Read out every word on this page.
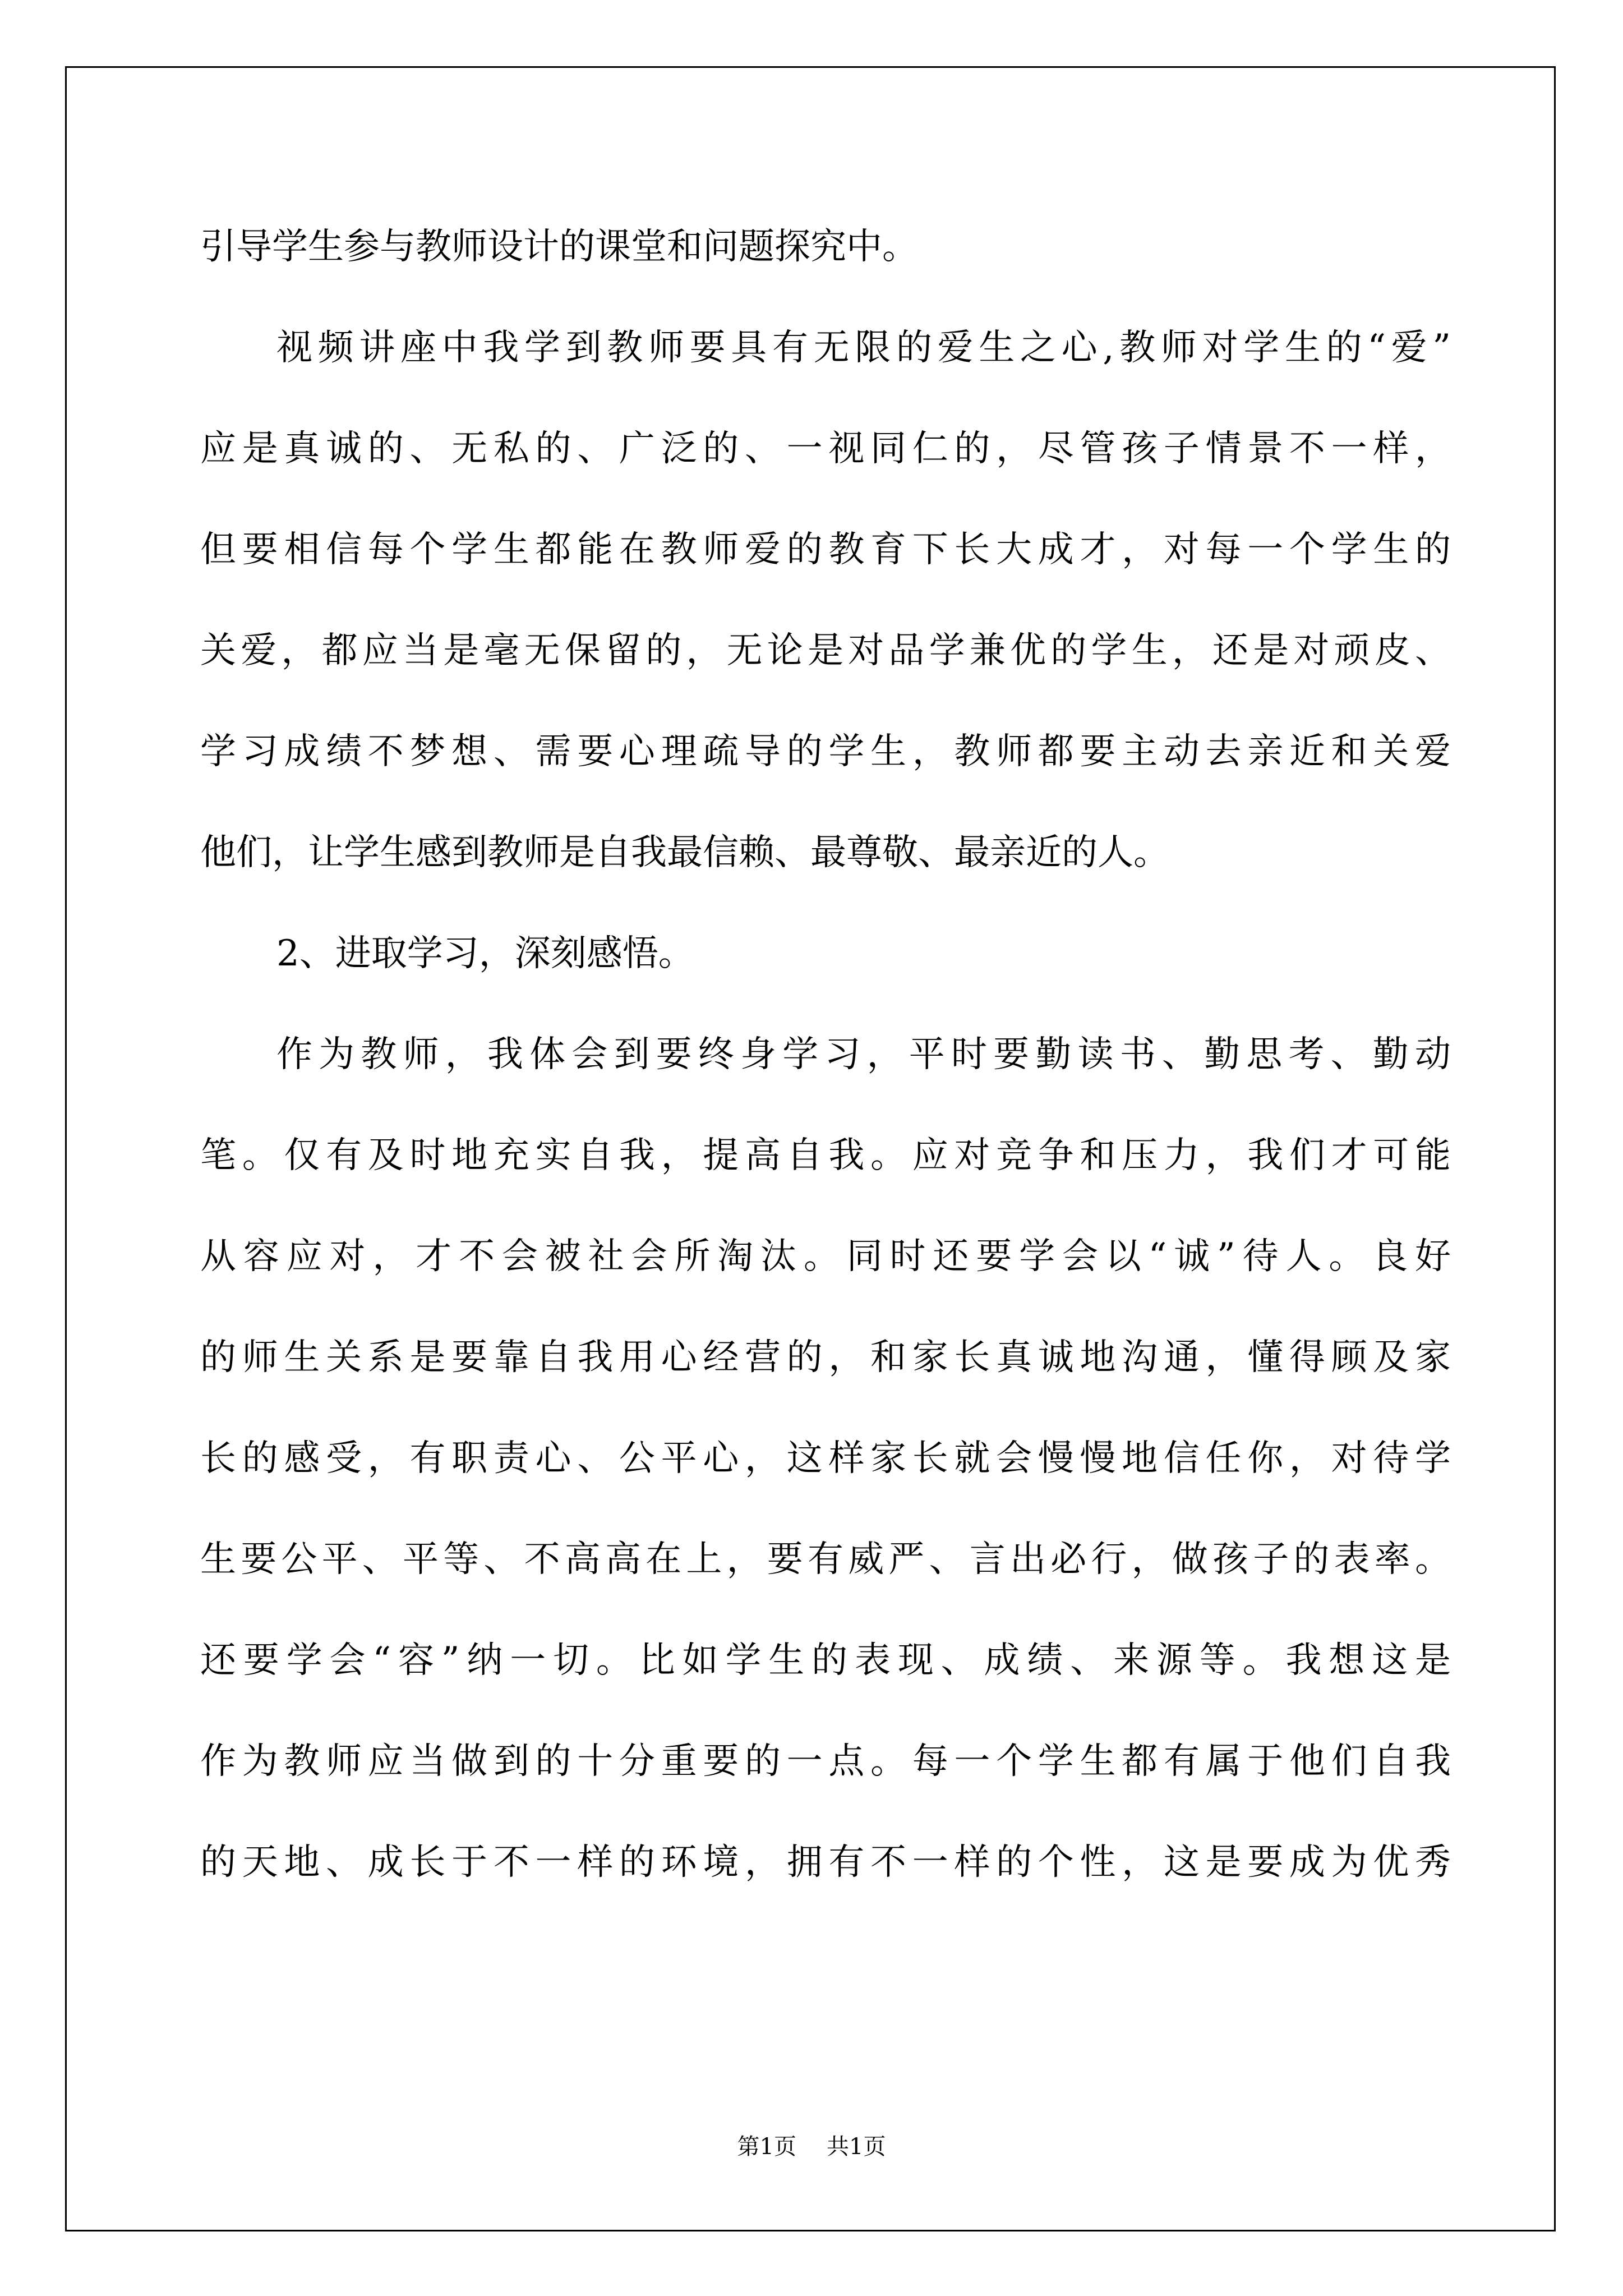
引导学生参与教师设计的课堂和问题探究中。
视频讲座中我学到教师要具有无限的爱生之心,教师对学生的“爱”
应是真诚的、无私的、广泛的、一视同仁的，尽管孩子情景不一样，
但要相信每个学生都能在教师爱的教育下长大成才，对每一个学生的
关爱，都应当是毫无保留的，无论是对品学兼优的学生，还是对顽皮、
学习成绩不梦想、需要心理疏导的学生，教师都要主动去亲近和关爱
他们，让学生感到教师是自我最信赖、最尊敬、最亲近的人。
2、进取学习，深刻感悟。
作为教师，我体会到要终身学习，平时要勤读书、勤思考、勤动
笔。仅有及时地充实自我，提高自我。应对竞争和压力，我们才可能
从容应对，才不会被社会所淘汰。同时还要学会以“诚”待人。良好
的师生关系是要靠自我用心经营的，和家长真诚地沟通，懂得顾及家
长的感受，有职责心、公平心，这样家长就会慢慢地信任你，对待学
生要公平、平等、不高高在上，要有威严、言出必行，做孩子的表率。
还要学会“容”纳一切。比如学生的表现、成绩、来源等。我想这是
作为教师应当做到的十分重要的一点。每一个学生都有属于他们自我
的天地、成长于不一样的环境，拥有不一样的个性，这是要成为优秀
第1页 共1页
